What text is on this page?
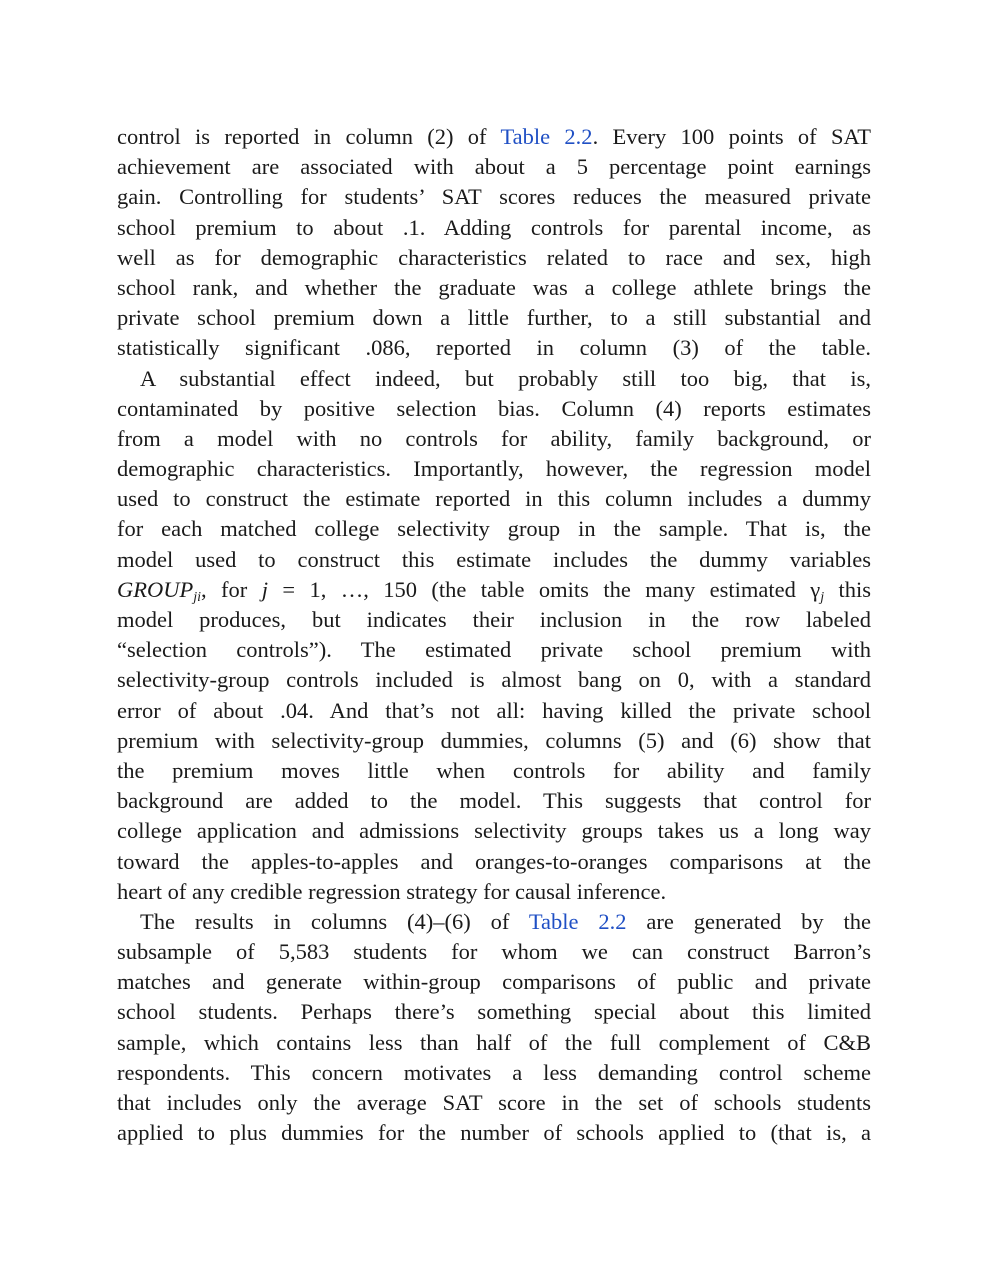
control is reported in column (2) of Table 2.2. Every 100 points of SAT
achievement are associated with about a 5 percentage point earnings
gain. Controlling for students’ SAT scores reduces the measured private
school premium to about .1. Adding controls for parental income, as
well as for demographic characteristics related to race and sex, high
school rank, and whether the graduate was a college athlete brings the
private school premium down a little further, to a still substantial and
statistically significant .086, reported in column (3) of the table.
A substantial effect indeed, but probably still too big, that is,
contaminated by positive selection bias. Column (4) reports estimates
from a model with no controls for ability, family background, or
demographic characteristics. Importantly, however, the regression model
used to construct the estimate reported in this column includes a dummy
for each matched college selectivity group in the sample. That is, the
model used to construct this estimate includes the dummy variables
$GROUP_{ji}$, for j = 1, …, 150 (the table omits the many estimated $\gamma_j$ this
model produces, but indicates their inclusion in the row labeled
“selection controls”). The estimated private school premium with
selectivity-group controls included is almost bang on 0, with a standard
error of about .04. And that’s not all: having killed the private school
premium with selectivity-group dummies, columns (5) and (6) show that
the premium moves little when controls for ability and family
background are added to the model. This suggests that control for
college application and admissions selectivity groups takes us a long way
toward the apples-to-apples and oranges-to-oranges comparisons at the
heart of any credible regression strategy for causal inference.
The results in columns (4)–(6) of Table 2.2 are generated by the
subsample of 5,583 students for whom we can construct Barron’s
matches and generate within-group comparisons of public and private
school students. Perhaps there’s something special about this limited
sample, which contains less than half of the full complement of C&B
respondents. This concern motivates a less demanding control scheme
that includes only the average SAT score in the set of schools students
applied to plus dummies for the number of schools applied to (that is, a
